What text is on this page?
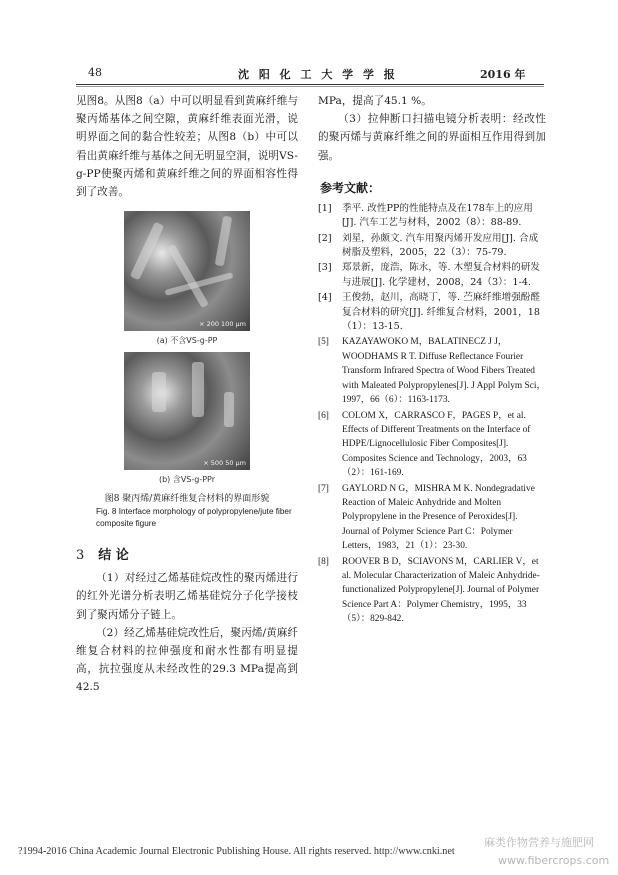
48	沈 阳 化 工 大 学 学 报	2016 年

见图8。从图8（a）中可以明显看到黄麻纤维与聚丙烯基体之间空隙，黄麻纤维表面光滑，说明界面之间的黏合性较差；从图8（b）中可以看出黄麻纤维与基体之间无明显空洞，说明VS-g-PP使聚丙烯和黄麻纤维之间的界面相容性得到了改善。

× 200 100 μm
(a) 不含VS-g-PP
× 500 50 μm
(b) 含VS-g-PPr
图8 聚丙烯/黄麻纤维复合材料的界面形貌
Fig. 8 Interface morphology of polypropylene/jute fiber composite figure
3 结 论

（1）对经过乙烯基硅烷改性的聚丙烯进行的红外光谱分析表明乙烯基硅烷分子化学接枝到了聚丙烯分子链上。

（2）经乙烯基硅烷改性后，聚丙烯/黄麻纤维复合材料的拉伸强度和耐水性都有明显提高，抗拉强度从未经改性的29.3 MPa提高到42.5

MPa，提高了45.1 %。

（3）拉伸断口扫描电镜分析表明：经改性的聚丙烯与黄麻纤维之间的界面相互作用得到加强。

参考文献：
[1] 季平. 改性PP的性能特点及在178车上的应用[J]. 汽车工艺与材料，2002（8）：88-89.
[2] 刘星，孙颇文. 汽车用聚丙烯开发应用[J]. 合成树脂及塑料，2005，22（3）：75-79.
[3] 郑景新，庞浩，陈永，等. 木塑复合材料的研发与进展[J]. 化学建材，2008，24（3）：1-4.
[4] 王俊勃，赵川，高晓丁，等. 苎麻纤维增强酚醛复合材料的研究[J]. 纤维复合材料，2001，18（1）：13-15.
[5] KAZAYAWOKO M，BALATINECZ J J，WOODHAMS R T. Diffuse Reflectance Fourier Transform Infrared Spectra of Wood Fibers Treated with Maleated Polypropylenes[J]. J Appl Polym Sci，1997，66（6）：1163-1173.
[6] COLOM X，CARRASCO F，PAGES P，et al. Effects of Different Treatments on the Interface of HDPE/Lignocellulosic Fiber Composites[J]. Composites Science and Technology，2003，63（2）：161-169.
[7] GAYLORD N G，MISHRA M K. Nondegradative Reaction of Maleic Anhydride and Molten Polypropylene in the Presence of Peroxides[J]. Journal of Polymer Science Part C：Polymer Letters，1983，21（1）：23-30.
[8] ROOVER B D，SCIAVONS M，CARLIER V，et al. Molecular Characterization of Maleic Anhydride-functionalized Polypropylene[J]. Journal of Polymer Science Part A：Polymer Chemistry，1995，33（5）：829-842.
?1994-2016 China Academic Journal Electronic Publishing House. All rights reserved. http://www.cnki.net
麻类作物营养与施肥网
www.fibercrops.com
